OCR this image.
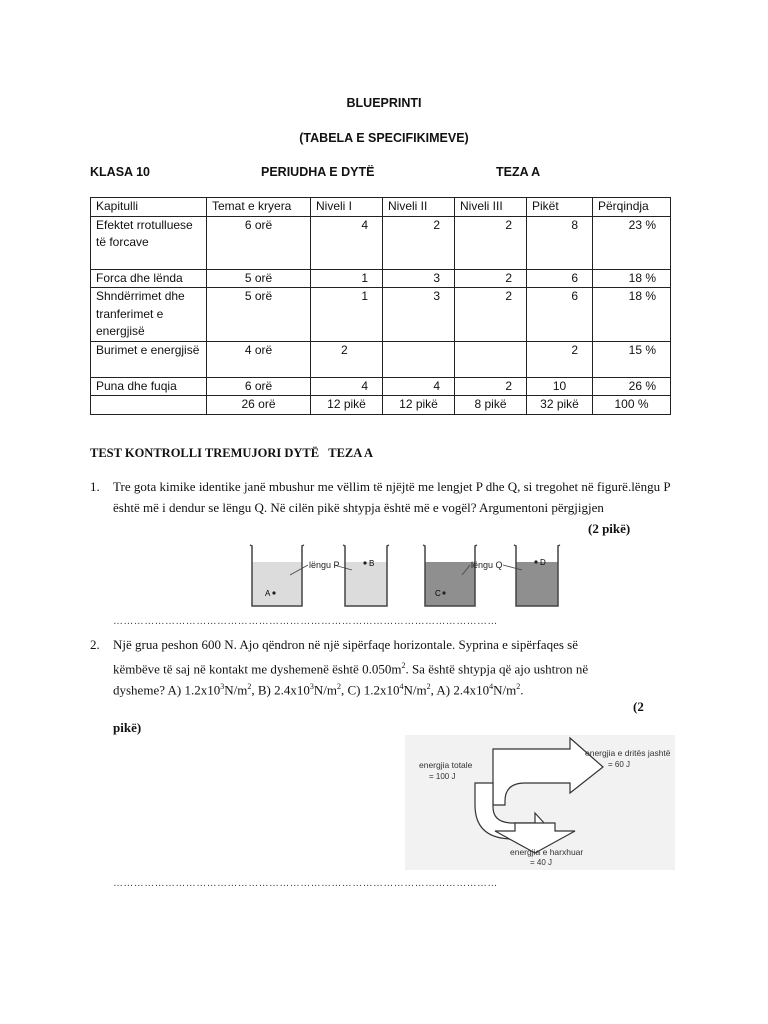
BLUEPRINTI
(TABELA E SPECIFIKIMEVE)
KLASA 10	PERIUDHA E DYTË	TEZA A
Kapitulli	Temat e kryera	Niveli I	Niveli II	Niveli III	Pikët	Përqindja
Efektet rrotulluese të forcave	6 orë	4	2	2	8	23 %
Forca dhe lënda	5 orë	1	3	2	6	18 %
Shndërrimet dhe tranferimet e energjisë	5 orë	1	3	2	6	18 %
Burimet e energjisë	4 orë	2			2	15 %
Puna dhe fuqia	6 orë	4	4	2	10	26 %
	26 orë	12 pikë	12 pikë	8 pikë	32 pikë	100 %
TEST KONTROLLI TREMUJORI DYTË   TEZA A
1. Tre gota kimike identike janë mbushur me vëllim të njëjtë me lengjet P dhe Q, si tregohet në figurë.lëngu P është më i dendur se lëngu Q. Në cilën pikë shtypja është më e vogël? Argumentoni përgjigjen
(2 pikë)
lëngu P	lëngu Q
B
A	C
D
…………………………………………………………………………………………………
2. Një grua peshon 600 N. Ajo qëndron në një sipërfaqe horizontale. Syprina e sipërfaqes së
këmbëve të saj në kontakt me dyshemenë është $0.050m^2$. Sa është shtypja që ajo ushtron në
dysheme? A) $1.2x10^3N/m^2$, B) $2.4x10^3N/m^2$, C) $1.2x10^4N/m^2$, A) $2.4x10^4N/m^2$.
(2
pikë)
energjia totale
= 100 J
energjia e dritës jashtë
= 60 J
energjia e harxhuar
= 40 J
…………………………………………………………………………………………………
